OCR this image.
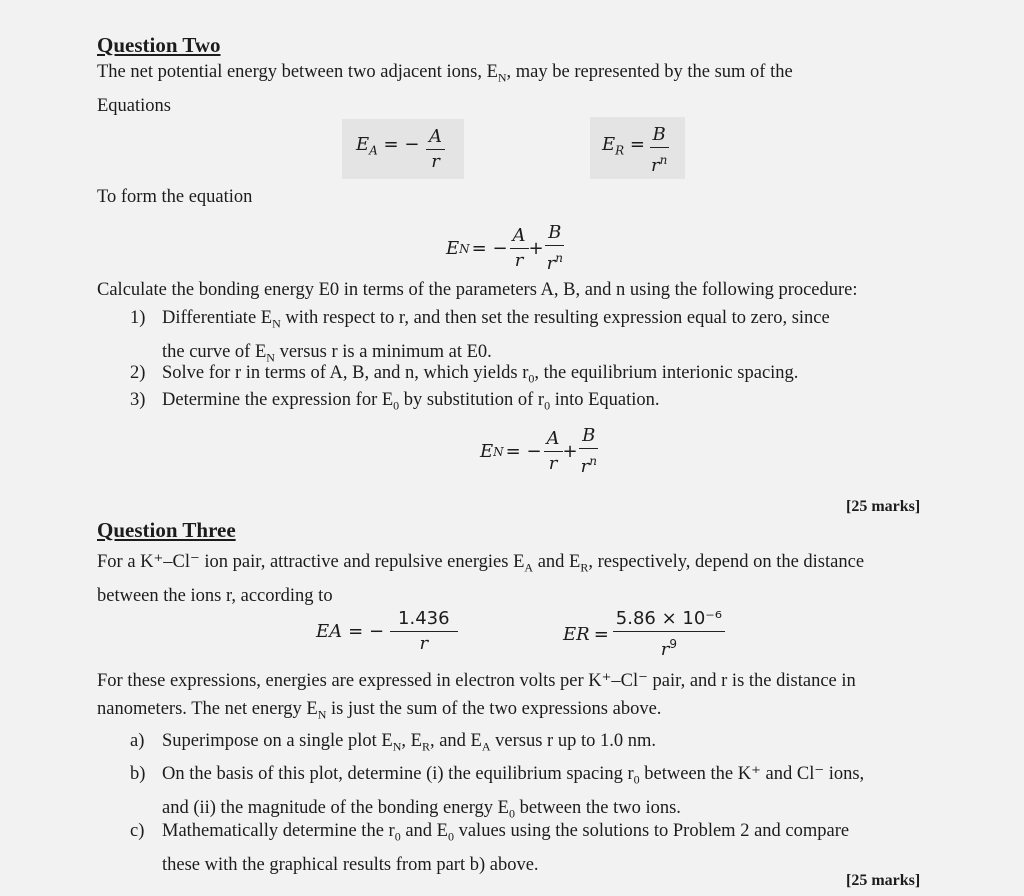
Question Two
The net potential energy between two adjacent ions, $E_N$, may be represented by the sum of the
Equations
$E_A$ = − $\frac{A}{r}$	$E_R = \frac{B}{r^n}$
To form the equation
E N = − $\frac{A}{r} + \frac{B}{r^n}$
Calculate the bonding energy E0 in terms of the parameters A, B, and n using the following procedure:
1) Differentiate $E_N$ with respect to r, and then set the resulting expression equal to zero, since
the curve of $E_N$ versus r is a minimum at E0.
2) Solve for r in terms of A, B, and n, which yields $r_0$, the equilibrium interionic spacing.
3) Determine the expression for $E_0$ by substitution of $r_0$ into Equation.
E N = − $\frac{A}{r} + \frac{B}{r^n}$
[25 marks]
Question Three
For a K⁺–Cl⁻ ion pair, attractive and repulsive energies $E_A$ and $E_R$, respectively, depend on the distance
between the ions r, according to
E A = − $\frac{1.436}{r}$	E $R = \frac{\text{5.86 × 10⁻⁶}}{r^9}$
For these expressions, energies are expressed in electron volts per K⁺–Cl⁻ pair, and r is the distance in
nanometers. The net energy $E_N$ is just the sum of the two expressions above.
a) Superimpose on a single plot $E_N$, $E_R$, and $E_A$ versus r up to 1.0 nm.
b) On the basis of this plot, determine (i) the equilibrium spacing $r_0$ between the K⁺ and Cl⁻ ions,
and (ii) the magnitude of the bonding energy $E_0$ between the two ions.
c) Mathematically determine the $r_0$ and $E_0$ values using the solutions to Problem 2 and compare
these with the graphical results from part b) above.
[25 marks]
